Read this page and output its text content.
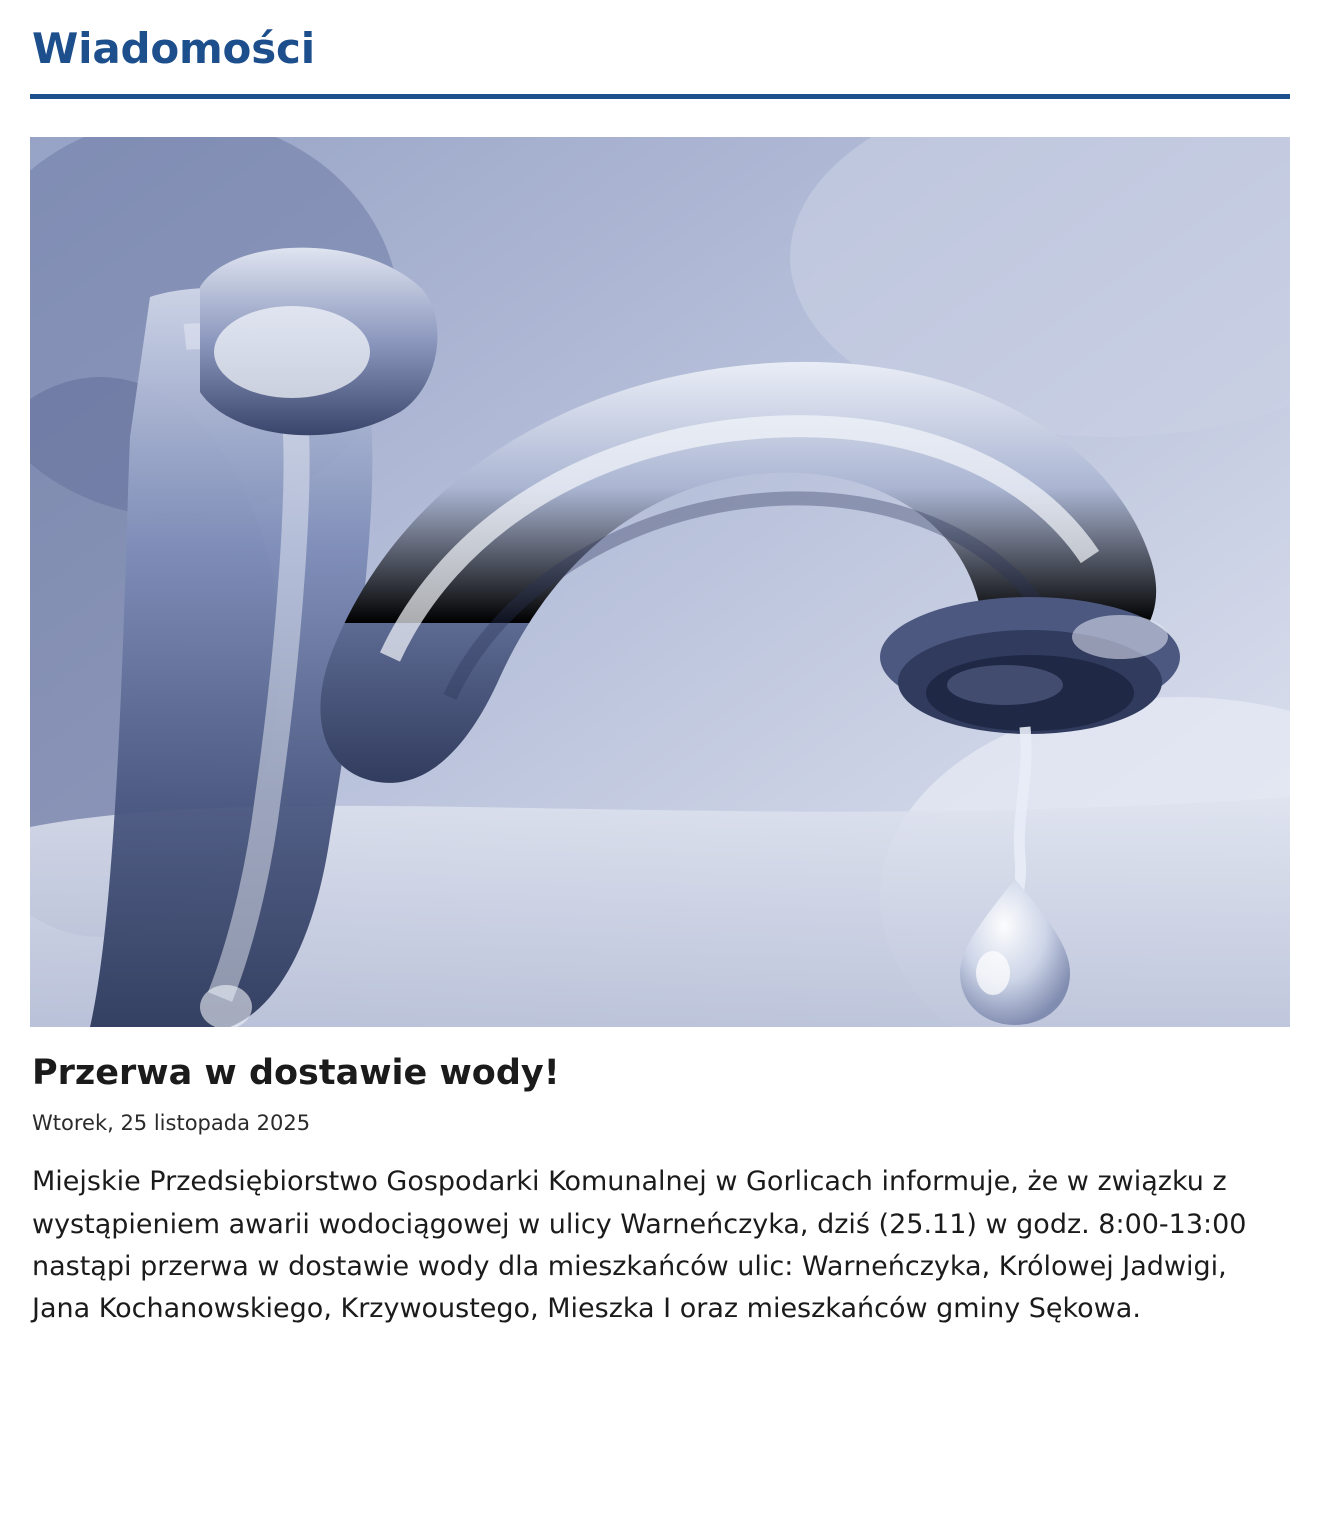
Wiadomości
Przerwa w dostawie wody!
Wtorek, 25 listopada 2025

Miejskie Przedsiębiorstwo Gospodarki Komunalnej w Gorlicach informuje, że w związku z wystąpieniem awarii wodociągowej w ulicy Warneńczyka, dziś (25.11) w godz. 8:00-13:00 nastąpi przerwa w dostawie wody dla mieszkańców ulic: Warneńczyka, Królowej Jadwigi, Jana Kochanowskiego, Krzywoustego, Mieszka I oraz mieszkańców gminy Sękowa.
